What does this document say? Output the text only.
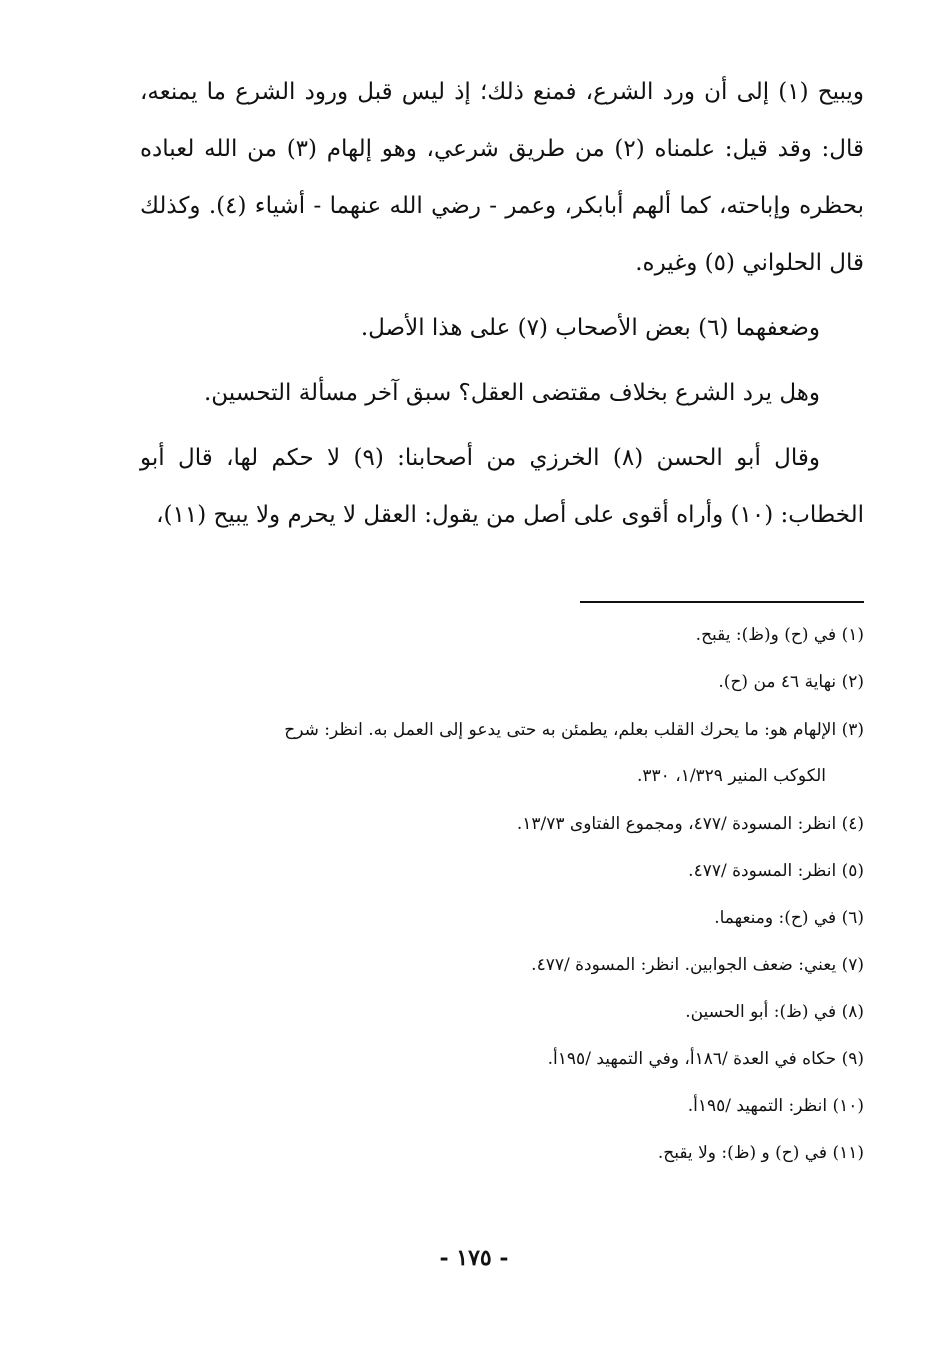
ويبيح (١) إلى أن ورد الشرع، فمنع ذلك؛ إذ ليس قبل ورود الشرع ما يمنعه، قال: وقد قيل: علمناه (٢) من طريق شرعي، وهو إلهام (٣) من الله لعباده بحظره وإباحته، كما ألهم أبابكر، وعمر - رضي الله عنهما - أشياء (٤). وكذلك قال الحلواني (٥) وغيره.

وضعفهما (٦) بعض الأصحاب (٧) على هذا الأصل.

وهل يرد الشرع بخلاف مقتضى العقل؟ سبق آخر مسألة التحسين.

وقال أبو الحسن (٨) الخرزي من أصحابنا: (٩) لا حكم لها، قال أبو الخطاب: (١٠) وأراه أقوى على أصل من يقول: العقل لا يحرم ولا يبيح (١١)،

(١) في (ح) و(ظ): يقبح.

(٢) نهاية ٤٦ من (ح).

(٣) الإلهام هو: ما يحرك القلب بعلم، يطمئن به حتى يدعو إلى العمل به. انظر: شرح
الكوكب المنير ١/٣٢٩، ٣٣٠.

(٤) انظر: المسودة /٤٧٧، ومجموع الفتاوى ١٣/٧٣.

(٥) انظر: المسودة /٤٧٧.

(٦) في (ح): ومنعهما.

(٧) يعني: ضعف الجوابين. انظر: المسودة /٤٧٧.

(٨) في (ظ): أبو الحسين.

(٩) حكاه في العدة /١٨٦أ، وفي التمهيد /١٩٥أ.

(١٠) انظر: التمهيد /١٩٥أ.

(١١) في (ح) و (ظ): ولا يقبح.

- ١٧٥ -
